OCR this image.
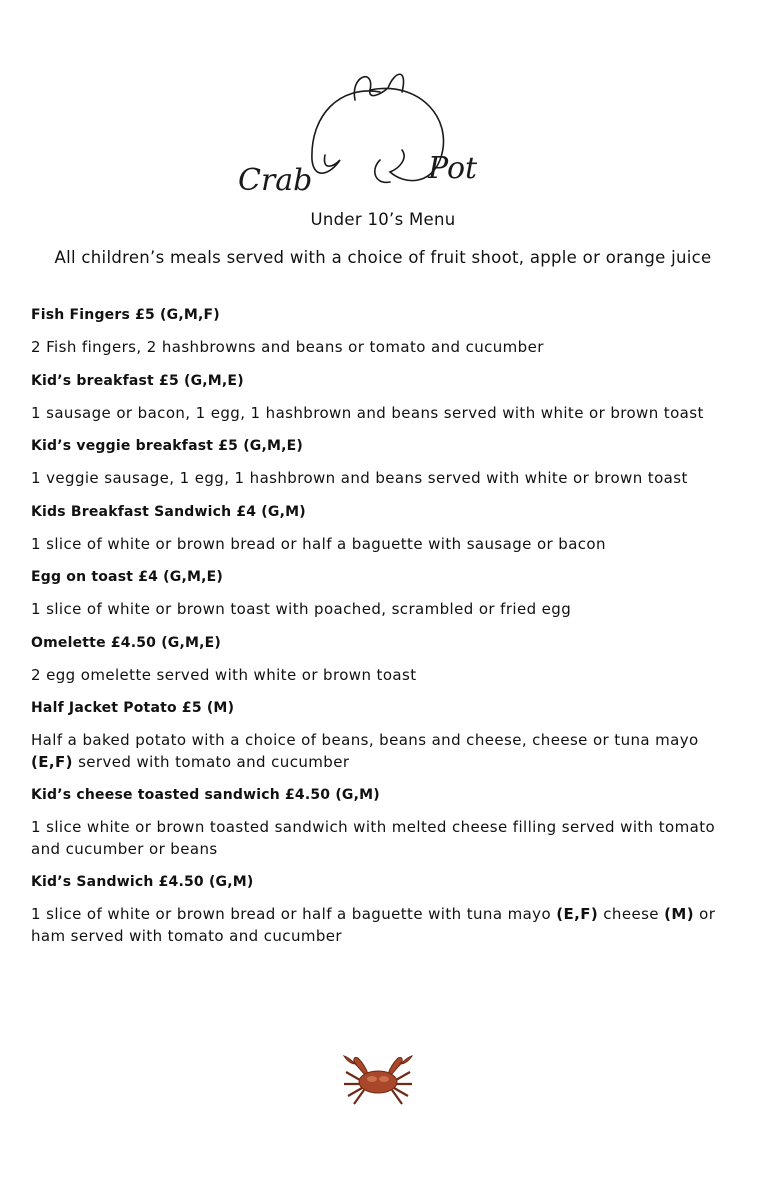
Crab	Pot
Under 10’s Menu
All children’s meals served with a choice of fruit shoot, apple or orange juice
Fish Fingers £5 (G,M,F)
2 Fish fingers, 2 hashbrowns and beans or tomato and cucumber
Kid’s breakfast £5 (G,M,E)
1 sausage or bacon, 1 egg, 1 hashbrown and beans served with white or brown toast
Kid’s veggie breakfast £5 (G,M,E)
1 veggie sausage, 1 egg, 1 hashbrown and beans served with white or brown toast
Kids Breakfast Sandwich £4 (G,M)
1 slice of white or brown bread or half a baguette with sausage or bacon
Egg on toast £4 (G,M,E)
1 slice of white or brown toast with poached, scrambled or fried egg
Omelette £4.50 (G,M,E)
2 egg omelette served with white or brown toast
Half Jacket Potato £5 (M)
Half a baked potato with a choice of beans, beans and cheese, cheese or tuna mayo (E,F) served with tomato and cucumber
Kid’s cheese toasted sandwich £4.50 (G,M)
1 slice white or brown toasted sandwich with melted cheese filling served with tomato and cucumber or beans
Kid’s Sandwich £4.50 (G,M)
1 slice of white or brown bread or half a baguette with tuna mayo (E,F) cheese (M) or ham served with tomato and cucumber
